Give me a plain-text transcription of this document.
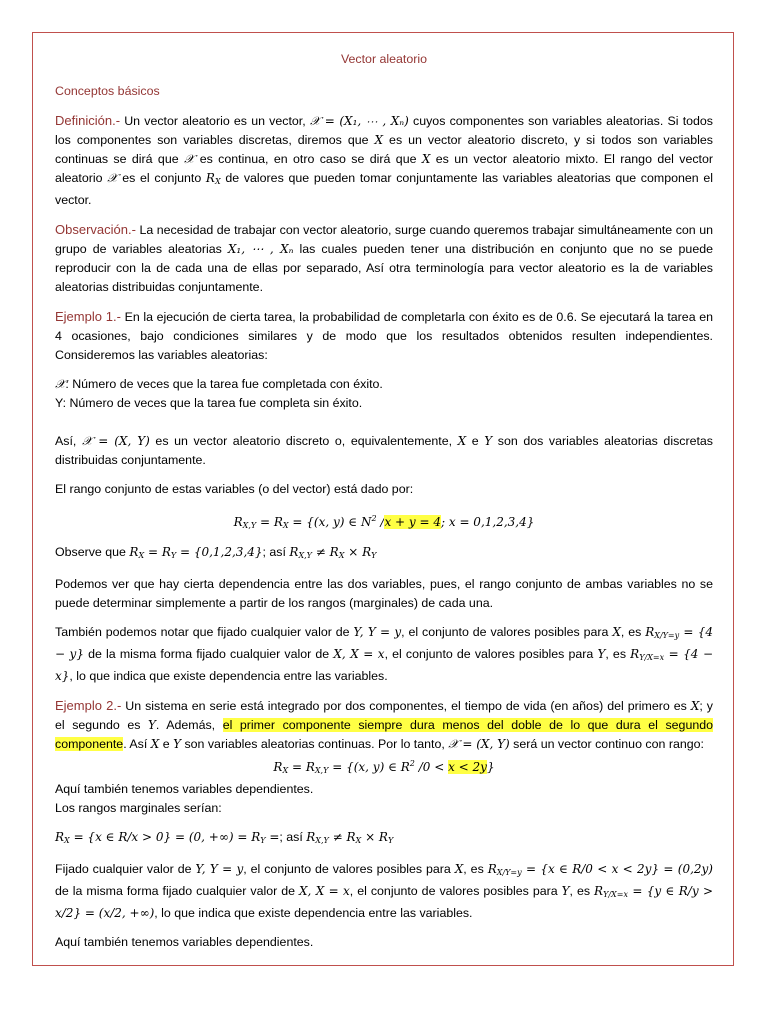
Vector aleatorio
Conceptos básicos

Definición.- Un vector aleatorio es un vector, 𝒳 = (X₁, ⋯ , Xₙ) cuyos componentes son variables aleatorias. Si todos los componentes son variables discretas, diremos que X es un vector aleatorio discreto, y si todos son variables continuas se dirá que 𝒳 es continua, en otro caso se dirá que X es un vector aleatorio mixto. El rango del vector aleatorio 𝒳 es el conjunto $R_X$ de valores que pueden tomar conjuntamente las variables aleatorias que componen el vector.

Observación.- La necesidad de trabajar con vector aleatorio, surge cuando queremos trabajar simultáneamente con un grupo de variables aleatorias X₁, ⋯ , Xₙ las cuales pueden tener una distribución en conjunto que no se puede reproducir con la de cada una de ellas por separado, Así otra terminología para vector aleatorio es la de variables aleatorias distribuidas conjuntamente.

Ejemplo 1.- En la ejecución de cierta tarea, la probabilidad de completarla con éxito es de 0.6. Se ejecutará la tarea en 4 ocasiones, bajo condiciones similares y de modo que los resultados obtenidos resulten independientes. Consideremos las variables aleatorias:

𝒳: Número de veces que la tarea fue completada con éxito.

Y: Número de veces que la tarea fue completa sin éxito.

Así, 𝒳 = (X, Y) es un vector aleatorio discreto o, equivalentemente, X e Y son dos variables aleatorias discretas distribuidas conjuntamente.

El rango conjunto de estas variables (o del vector) está dado por:

$R_{X,Y} = R_X = \{(x$, y) ∈ $N^2$ /x + y = 4; x = 0,1,2,3,4}

Observe que $R_X = R_Y = \{0,1,2,3,4\}$; así $R_{X,Y} \ne R_X \times R_Y$

Podemos ver que hay cierta dependencia entre las dos variables, pues, el rango conjunto de ambas variables no se puede determinar simplemente a partir de los rangos (marginales) de cada una.

También podemos notar que fijado cualquier valor de Y, Y = y, el conjunto de valores posibles para X, es $R_{X/Y=y} = \{4 - y\}$ de la misma forma fijado cualquier valor de X, X = x, el conjunto de valores posibles para Y, es $R_{Y/X=x} = \{4 - x\}$, lo que indica que existe dependencia entre las variables.

Ejemplo 2.- Un sistema en serie está integrado por dos componentes, el tiempo de vida (en años) del primero es X; y el segundo es Y. Además, el primer componente siempre dura menos del doble de lo que dura el segundo componente. Así X e Y son variables aleatorias continuas. Por lo tanto, 𝒳 = (X, Y) será un vector continuo con rango:

$R_X = R_{X,Y} = \{(x$, y) ∈ $R^2$ /0 < x < 2y}

Aquí también tenemos variables dependientes.

Los rangos marginales serían:

$R_X = \{x$ ∈ R/x > 0} = (0, +∞) = $R_Y$ =; así $R_{X,Y} \ne R_X \times R_Y$

Fijado cualquier valor de Y, Y = y, el conjunto de valores posibles para X, es $R_{X/Y=y} = \{x$ ∈ R/0 < x < 2y} = (0,2y) de la misma forma fijado cualquier valor de X, X = x, el conjunto de valores posibles para Y, es $R_{Y/X=x} = \{y$ ∈ R/y > x/2} = (x/2, +∞), lo que indica que existe dependencia entre las variables.

Aquí también tenemos variables dependientes.
